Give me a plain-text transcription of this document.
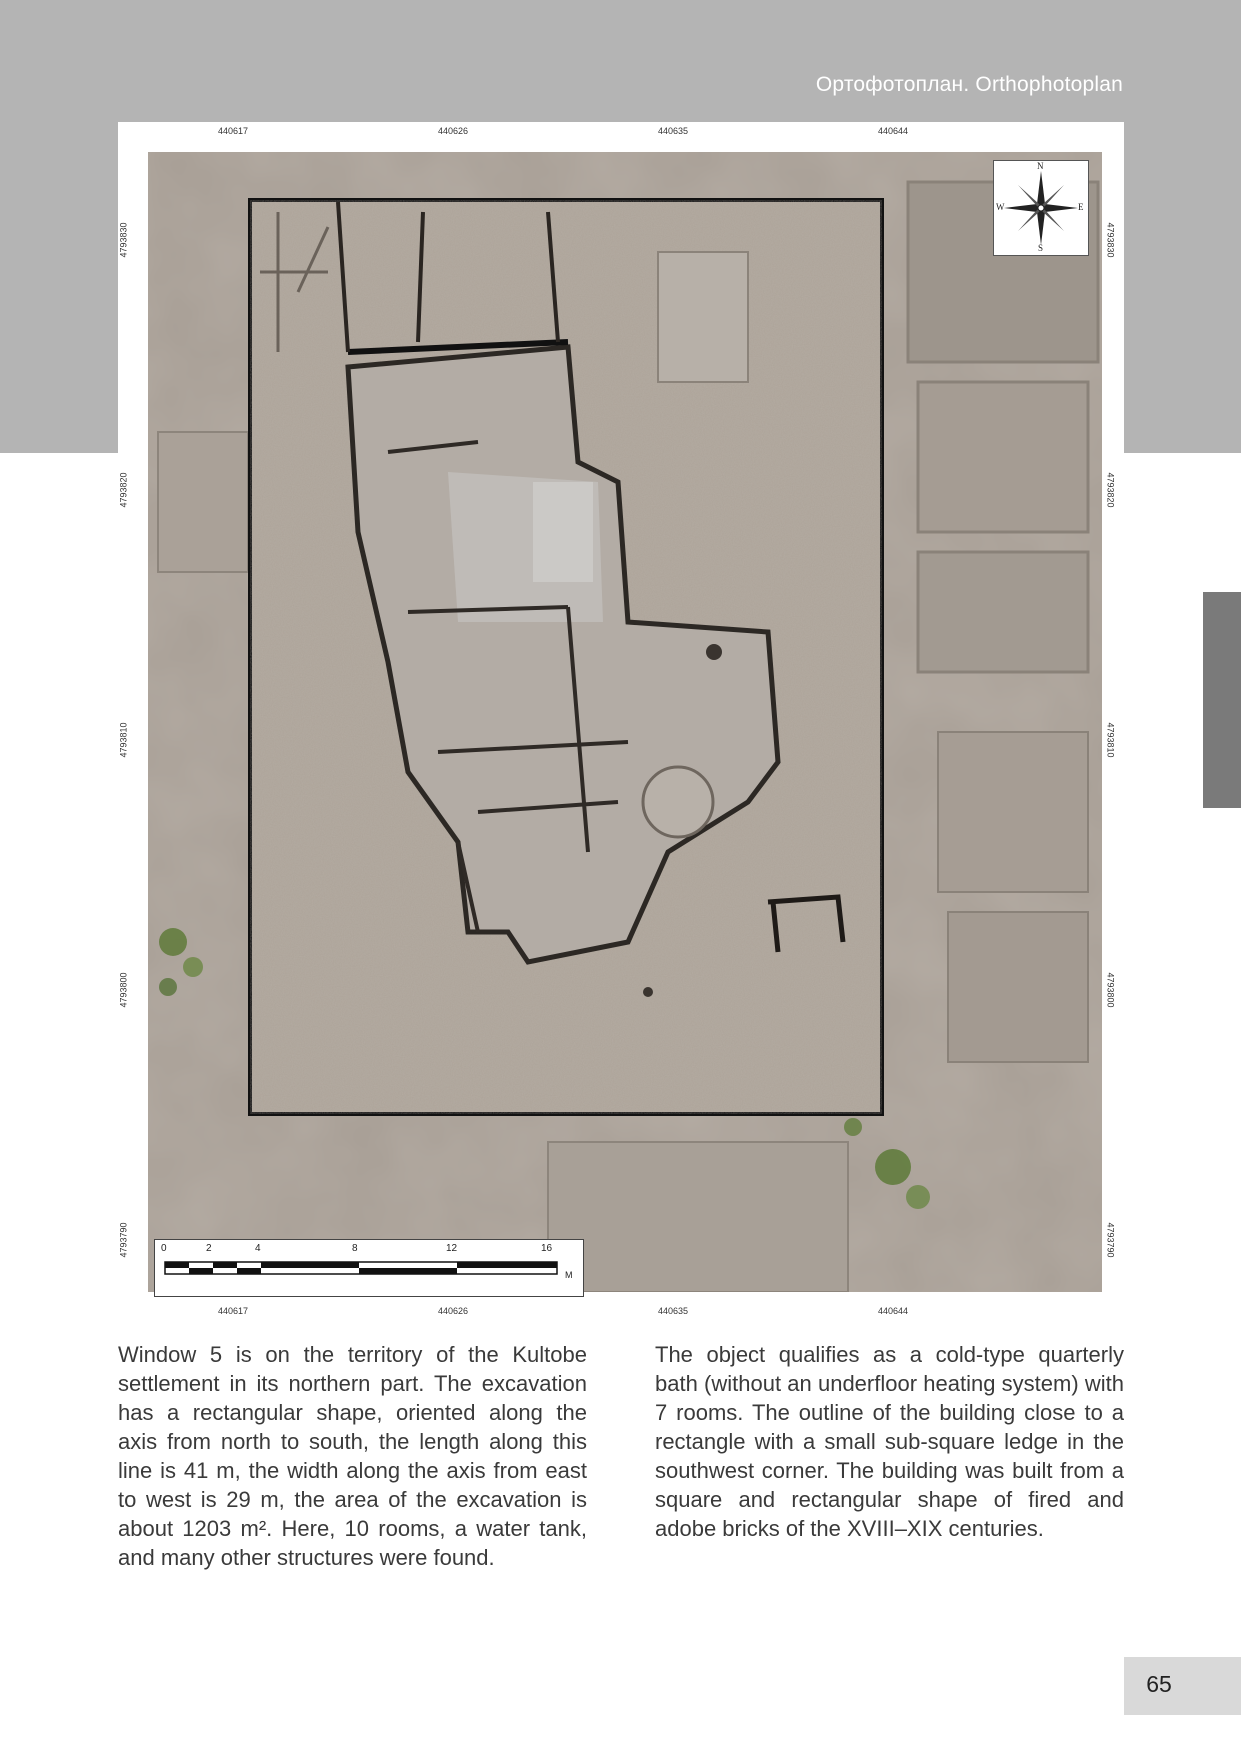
Ортофотоплан. Orthophotoplan
440617	440626	440635	440644
440617	440626	440635	440644
4793830
4793820
4793810
4793800
4793790
4793830
4793820
4793810
4793800
4793790
N
S
E
W
0	2	4	8	12	16
M
Window 5 is on the territory of the Kultobe settlement in its northern part. The excavation has a rectangular shape, oriented along the axis from north to south, the length along this line is 41 m, the width along the axis from east to west is 29 m, the area of the excavation is about 1203 m². Here, 10 rooms, a water tank, and many other structures were found.
The object qualifies as a cold-type quarterly bath (without an underfloor heating system) with 7 rooms. The outline of the building close to a rectangle with a small sub-square ledge in the southwest corner. The building was built from a square and rectangular shape of fired and adobe bricks of the XVIII–XIX centuries.
65
